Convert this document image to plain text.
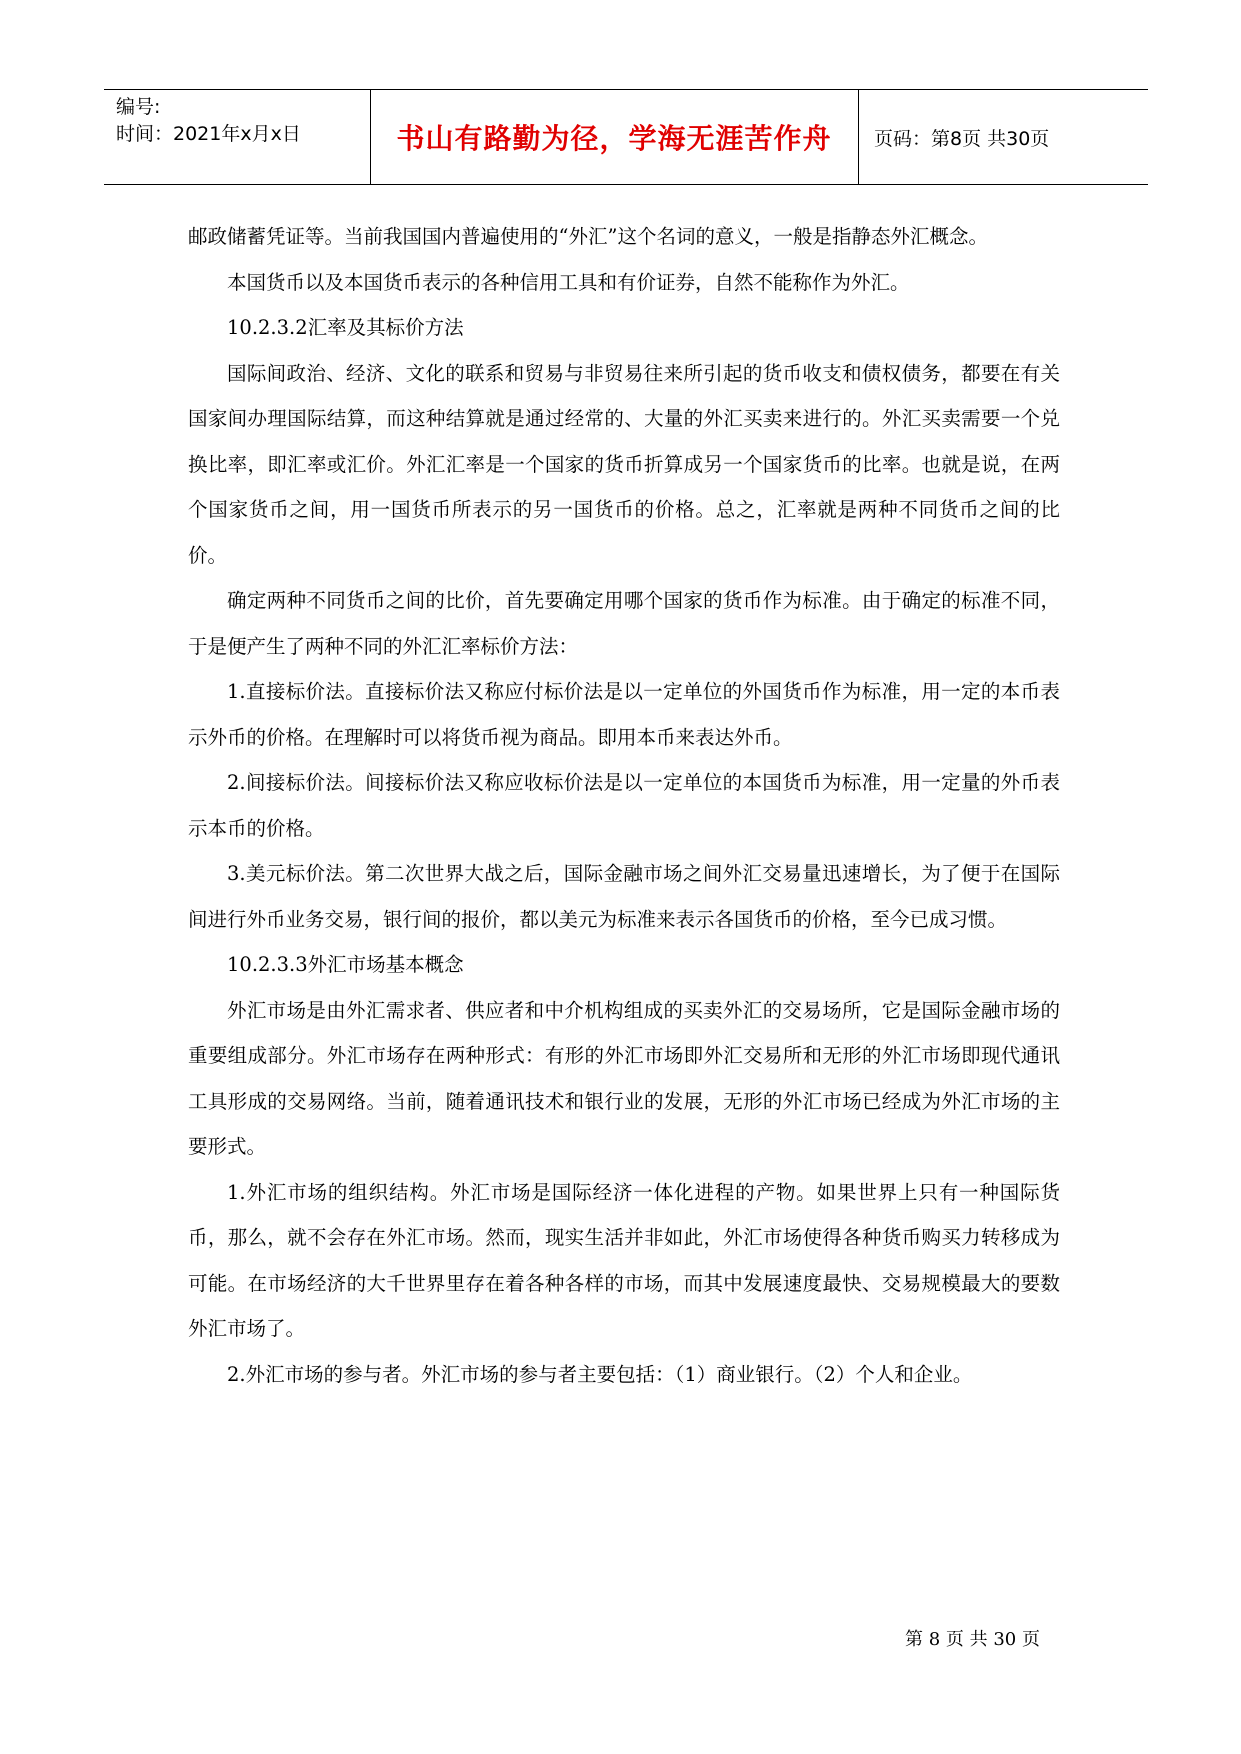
编号:
时间：2021年x月x日	书山有路勤为径，学海无涯苦作舟	页码：第8页 共30页

邮政储蓄凭证等。当前我国国内普遍使用的“外汇”这个名词的意义，一般是指静态外汇概念。

本国货币以及本国货币表示的各种信用工具和有价证券，自然不能称作为外汇。

10.2.3.2汇率及其标价方法

国际间政治、经济、文化的联系和贸易与非贸易往来所引起的货币收支和债权债务，都要在有关国家间办理国际结算，而这种结算就是通过经常的、大量的外汇买卖来进行的。外汇买卖需要一个兑换比率，即汇率或汇价。外汇汇率是一个国家的货币折算成另一个国家货币的比率。也就是说，在两个国家货币之间，用一国货币所表示的另一国货币的价格。总之，汇率就是两种不同货币之间的比价。

确定两种不同货币之间的比价，首先要确定用哪个国家的货币作为标准。由于确定的标准不同，于是便产生了两种不同的外汇汇率标价方法：

1.直接标价法。直接标价法又称应付标价法是以一定单位的外国货币作为标准，用一定的本币表示外币的价格。在理解时可以将货币视为商品。即用本币来表达外币。

2.间接标价法。间接标价法又称应收标价法是以一定单位的本国货币为标准，用一定量的外币表示本币的价格。

3.美元标价法。第二次世界大战之后，国际金融市场之间外汇交易量迅速增长，为了便于在国际间进行外币业务交易，银行间的报价，都以美元为标准来表示各国货币的价格，至今已成习惯。

10.2.3.3外汇市场基本概念

外汇市场是由外汇需求者、供应者和中介机构组成的买卖外汇的交易场所，它是国际金融市场的重要组成部分。外汇市场存在两种形式：有形的外汇市场即外汇交易所和无形的外汇市场即现代通讯工具形成的交易网络。当前，随着通讯技术和银行业的发展，无形的外汇市场已经成为外汇市场的主要形式。

1.外汇市场的组织结构。外汇市场是国际经济一体化进程的产物。如果世界上只有一种国际货币，那么，就不会存在外汇市场。然而，现实生活并非如此，外汇市场使得各种货币购买力转移成为可能。在市场经济的大千世界里存在着各种各样的市场，而其中发展速度最快、交易规模最大的要数外汇市场了。

2.外汇市场的参与者。外汇市场的参与者主要包括：（1）商业银行。（2）个人和企业。

第 8 页 共 30 页
